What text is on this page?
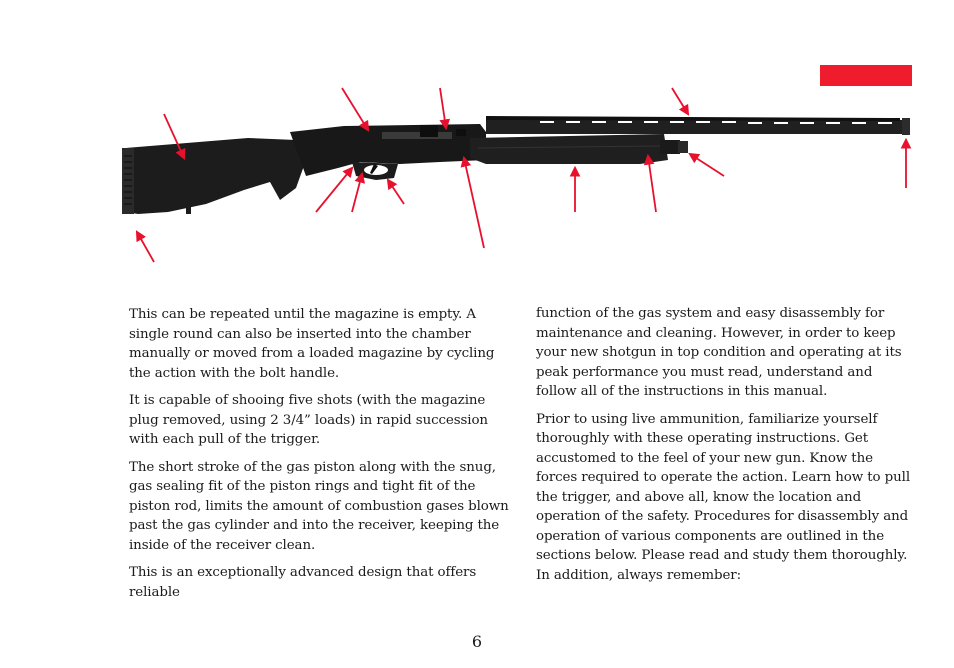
This can be repeated until the magazine is empty. A single round can also be inserted into the chamber manually or moved from a loaded magazine by cycling the action with the bolt handle.

It is capable of shooing five shots (with the magazine plug removed, using 2 3/4” loads) in rapid succession with each pull of the trigger.

The short stroke of the gas piston along with the snug, gas sealing fit of the piston rings and tight fit of the piston rod, limits the amount of combustion gases blown past the gas cylinder and into the receiver, keeping the inside of the receiver clean.

This is an exceptionally advanced design that offers reliable

function of the gas system and easy disassembly for maintenance and cleaning. However, in order to keep your new shotgun in top condition and operating at its peak performance you must read, understand and follow all of the instructions in this manual.

Prior to using live ammunition, familiarize yourself thoroughly with these operating instructions. Get accustomed to the feel of your new gun. Know the forces required to operate the action. Learn how to pull the trigger, and above all, know the location and operation of the safety. Procedures for disassembly and operation of various components are outlined in the sections below. Please read and study them thoroughly. In addition, always remember:

6
